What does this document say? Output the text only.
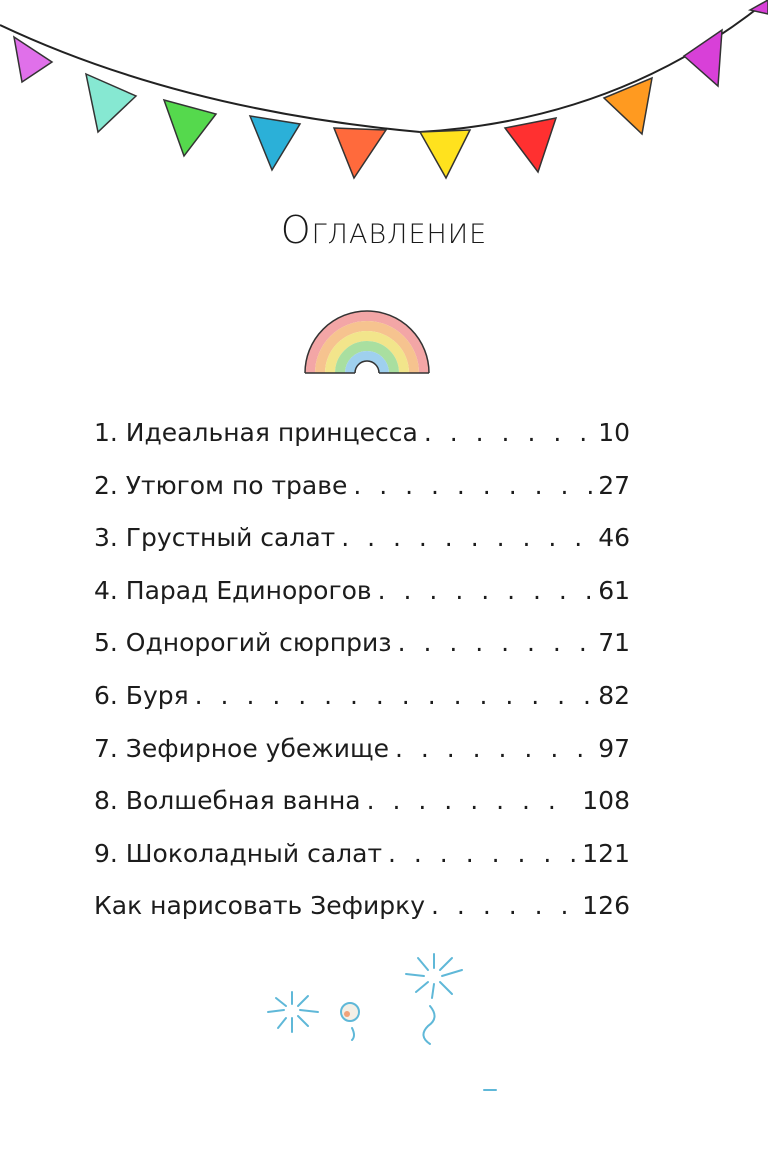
Оглавление
1. Идеальная принцесса . . .	10
2. Утюгом по траве . . .	27
3. Грустный салат . . .	46
4. Парад Единорогов . . .	61
5. Однорогий сюрприз . . .	71
6. Буря . . .	82
7. Зефирное убежище . . .	97
8. Волшебная ванна . . .	108
9. Шоколадный салат . . .	121
Как нарисовать Зефирку . . .	126
